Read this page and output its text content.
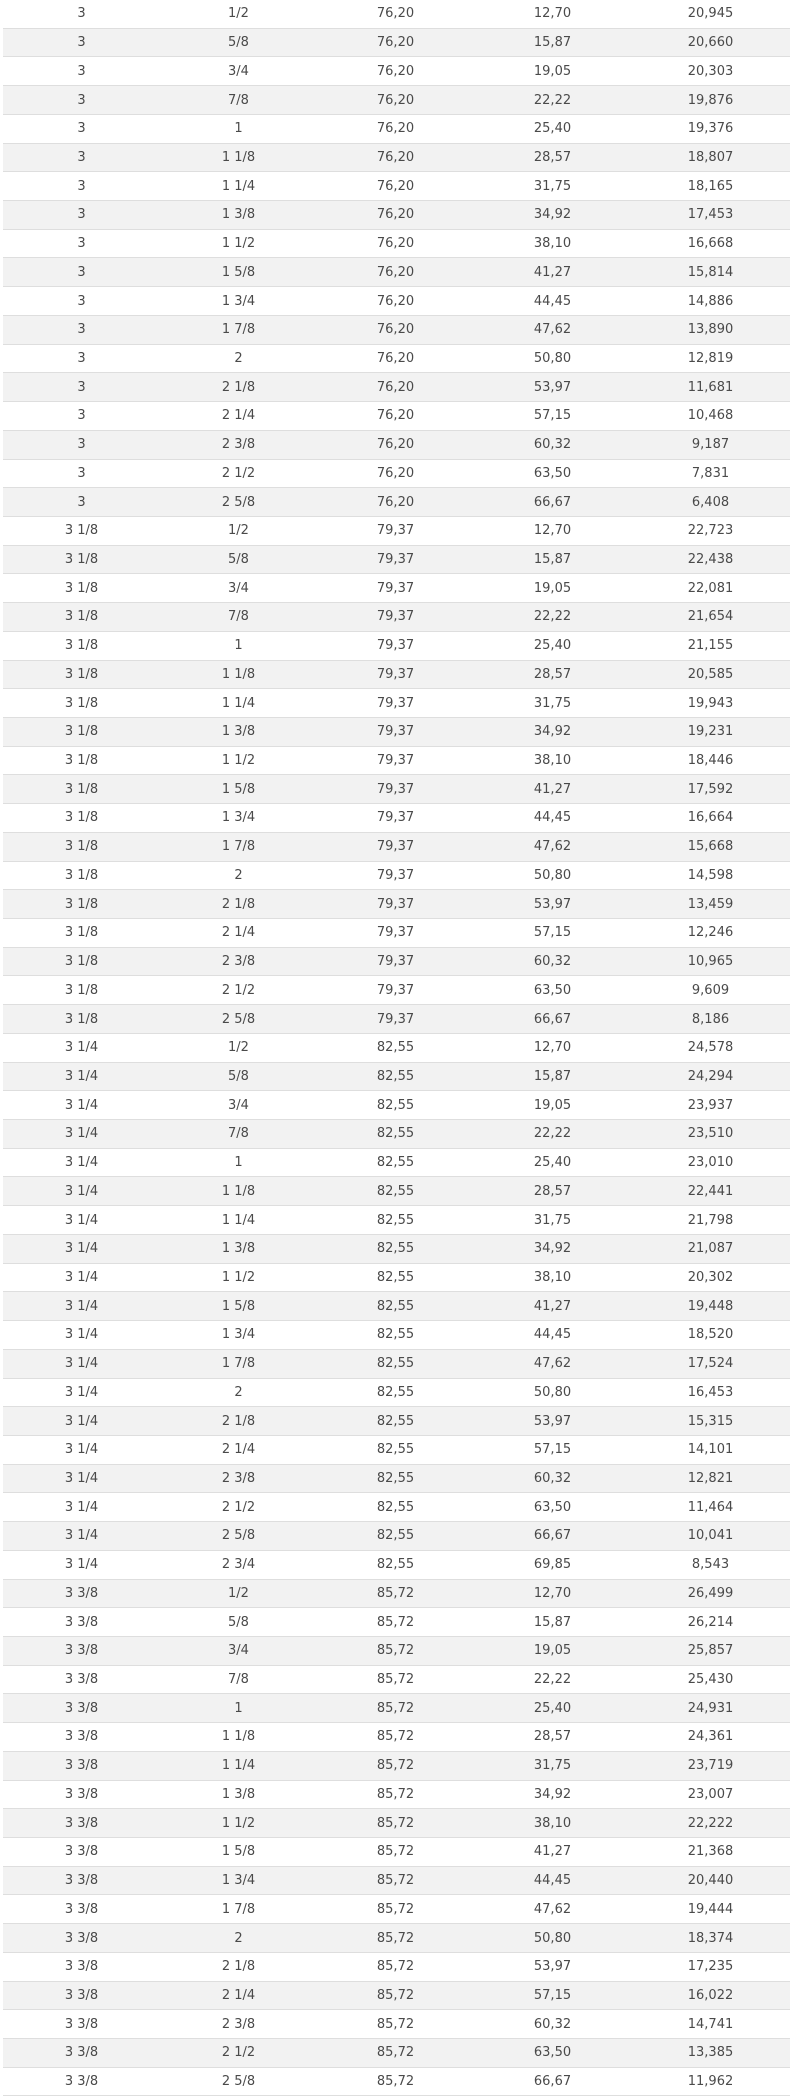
3	1/2	76,20	12,70	20,945
3	5/8	76,20	15,87	20,660
3	3/4	76,20	19,05	20,303
3	7/8	76,20	22,22	19,876
3	1	76,20	25,40	19,376
3	1 1/8	76,20	28,57	18,807
3	1 1/4	76,20	31,75	18,165
3	1 3/8	76,20	34,92	17,453
3	1 1/2	76,20	38,10	16,668
3	1 5/8	76,20	41,27	15,814
3	1 3/4	76,20	44,45	14,886
3	1 7/8	76,20	47,62	13,890
3	2	76,20	50,80	12,819
3	2 1/8	76,20	53,97	11,681
3	2 1/4	76,20	57,15	10,468
3	2 3/8	76,20	60,32	9,187
3	2 1/2	76,20	63,50	7,831
3	2 5/8	76,20	66,67	6,408
3 1/8	1/2	79,37	12,70	22,723
3 1/8	5/8	79,37	15,87	22,438
3 1/8	3/4	79,37	19,05	22,081
3 1/8	7/8	79,37	22,22	21,654
3 1/8	1	79,37	25,40	21,155
3 1/8	1 1/8	79,37	28,57	20,585
3 1/8	1 1/4	79,37	31,75	19,943
3 1/8	1 3/8	79,37	34,92	19,231
3 1/8	1 1/2	79,37	38,10	18,446
3 1/8	1 5/8	79,37	41,27	17,592
3 1/8	1 3/4	79,37	44,45	16,664
3 1/8	1 7/8	79,37	47,62	15,668
3 1/8	2	79,37	50,80	14,598
3 1/8	2 1/8	79,37	53,97	13,459
3 1/8	2 1/4	79,37	57,15	12,246
3 1/8	2 3/8	79,37	60,32	10,965
3 1/8	2 1/2	79,37	63,50	9,609
3 1/8	2 5/8	79,37	66,67	8,186
3 1/4	1/2	82,55	12,70	24,578
3 1/4	5/8	82,55	15,87	24,294
3 1/4	3/4	82,55	19,05	23,937
3 1/4	7/8	82,55	22,22	23,510
3 1/4	1	82,55	25,40	23,010
3 1/4	1 1/8	82,55	28,57	22,441
3 1/4	1 1/4	82,55	31,75	21,798
3 1/4	1 3/8	82,55	34,92	21,087
3 1/4	1 1/2	82,55	38,10	20,302
3 1/4	1 5/8	82,55	41,27	19,448
3 1/4	1 3/4	82,55	44,45	18,520
3 1/4	1 7/8	82,55	47,62	17,524
3 1/4	2	82,55	50,80	16,453
3 1/4	2 1/8	82,55	53,97	15,315
3 1/4	2 1/4	82,55	57,15	14,101
3 1/4	2 3/8	82,55	60,32	12,821
3 1/4	2 1/2	82,55	63,50	11,464
3 1/4	2 5/8	82,55	66,67	10,041
3 1/4	2 3/4	82,55	69,85	8,543
3 3/8	1/2	85,72	12,70	26,499
3 3/8	5/8	85,72	15,87	26,214
3 3/8	3/4	85,72	19,05	25,857
3 3/8	7/8	85,72	22,22	25,430
3 3/8	1	85,72	25,40	24,931
3 3/8	1 1/8	85,72	28,57	24,361
3 3/8	1 1/4	85,72	31,75	23,719
3 3/8	1 3/8	85,72	34,92	23,007
3 3/8	1 1/2	85,72	38,10	22,222
3 3/8	1 5/8	85,72	41,27	21,368
3 3/8	1 3/4	85,72	44,45	20,440
3 3/8	1 7/8	85,72	47,62	19,444
3 3/8	2	85,72	50,80	18,374
3 3/8	2 1/8	85,72	53,97	17,235
3 3/8	2 1/4	85,72	57,15	16,022
3 3/8	2 3/8	85,72	60,32	14,741
3 3/8	2 1/2	85,72	63,50	13,385
3 3/8	2 5/8	85,72	66,67	11,962
